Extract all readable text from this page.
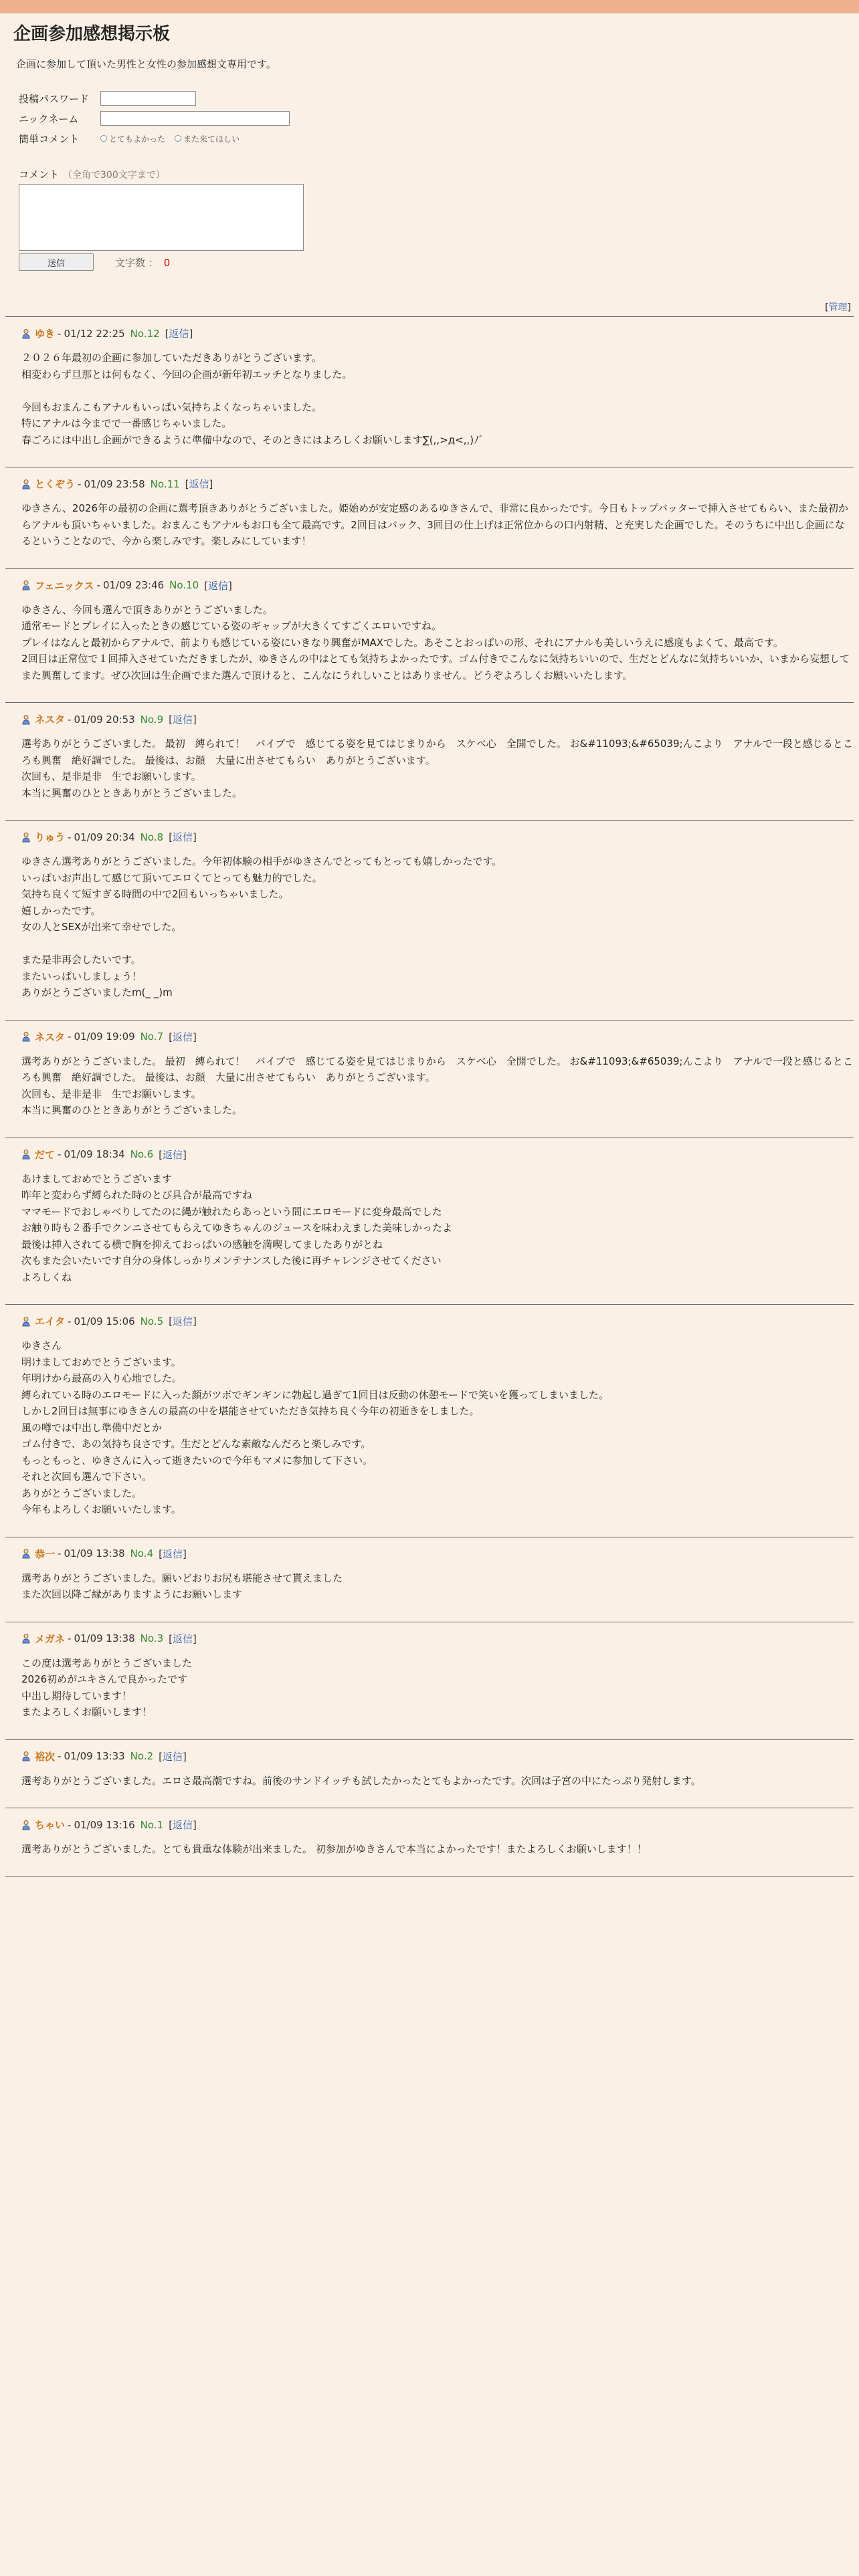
企画参加感想掲示板
企画に参加して頂いた男性と女性の参加感想文専用です。
投稿パスワード
ニックネーム
簡単コメント	とてもよかった また来てほしい
コメント （全角で300文字まで）
送信	文字数 ： 0
[管理]
ゆき - 01/12 22:25 No.12 [返信]
２０２６年最初の企画に参加していただきありがとうございます。
相変わらず旦那とは何もなく、今回の企画が新年初エッチとなりました。

今回もおまんこもアナルもいっぱい気持ちよくなっちゃいました。
特にアナルは今までで一番感じちゃいました。
春ごろには中出し企画ができるように準備中なので、そのときにはよろしくお願いします∑(,,>д<,,)ﾉﾞ
とくぞう - 01/09 23:58 No.11 [返信]
ゆきさん、2026年の最初の企画に選考頂きありがとうございました。姫始めが安定感のあるゆきさんで、非常に良かったです。今日もトップバッターで挿入させてもらい、また最初からアナルも頂いちゃいました。おまんこもアナルもお口も全て最高です。2回目はバック、3回目の仕上げは正常位からの口内射精、と充実した企画でした。そのうちに中出し企画になるということなので、今から楽しみです。楽しみにしています！
フェニックス - 01/09 23:46 No.10 [返信]
ゆきさん、今回も選んで頂きありがとうございました。
通常モードとプレイに入ったときの感じている姿のギャップが大きくてすごくエロいですね。
プレイはなんと最初からアナルで、前よりも感じている姿にいきなり興奮がMAXでした。あそことおっぱいの形、それにアナルも美しいうえに感度もよくて、最高です。
2回目は正常位で１回挿入させていただきましたが、ゆきさんの中はとても気持ちよかったです。ゴム付きでこんなに気持ちいいので、生だとどんなに気持ちいいか、いまから妄想してまた興奮してます。ぜひ次回は生企画でまた選んで頂けると、こんなにうれしいことはありません。どうぞよろしくお願いいたします。
ネスタ - 01/09 20:53 No.9 [返信]
選考ありがとうございました。 最初　縛られて！　バイブで　感じてる姿を見てはじまりから　スケベ心　全開でした。 お&#11093;&#65039;んこより　アナルで一段と感じるところも興奮　絶好調でした。 最後は、お顔　大量に出させてもらい　ありがとうございます。
次回も、是非是非　生でお願いします。
本当に興奮のひとときありがとうございました。
りゅう - 01/09 20:34 No.8 [返信]
ゆきさん選考ありがとうございました。今年初体験の相手がゆきさんでとってもとっても嬉しかったです。
いっぱいお声出して感じて頂いてエロくてとっても魅力的でした。
気持ち良くて短すぎる時間の中で2回もいっちゃいました。
嬉しかったです。
女の人とSEXが出来て幸せでした。

また是非再会したいです。
またいっぱいしましょう！
ありがとうございましたm(_ _)m
ネスタ - 01/09 19:09 No.7 [返信]
選考ありがとうございました。 最初　縛られて！　バイブで　感じてる姿を見てはじまりから　スケベ心　全開でした。 お&#11093;&#65039;んこより　アナルで一段と感じるところも興奮　絶好調でした。 最後は、お顔　大量に出させてもらい　ありがとうございます。
次回も、是非是非　生でお願いします。
本当に興奮のひとときありがとうございました。
だて - 01/09 18:34 No.6 [返信]
あけましておめでとうございます
昨年と変わらず縛られた時のとび具合が最高ですね
ママモードでおしゃべりしてたのに縄が触れたらあっという間にエロモードに変身最高でした
お触り時も２番手でクンニさせてもらえてゆきちゃんのジュースを味わえました美味しかったよ
最後は挿入されてる横で胸を抑えておっぱいの感触を満喫してましたありがとね
次もまた会いたいです自分の身体しっかりメンテナンスした後に再チャレンジさせてください
よろしくね
エイタ - 01/09 15:06 No.5 [返信]
ゆきさん
明けましておめでとうございます。
年明けから最高の入り心地でした。
縛られている時のエロモードに入った顔がツボでギンギンに勃起し過ぎて1回目は反動の休憩モードで笑いを獲ってしまいました。
しかし2回目は無事にゆきさんの最高の中を堪能させていただき気持ち良く今年の初逝きをしました。
風の噂では中出し準備中だとか
ゴム付きで、あの気持ち良さです。生だとどんな素敵なんだろと楽しみです。
もっともっと、ゆきさんに入って逝きたいので今年もマメに参加して下さい。
それと次回も選んで下さい。
ありがとうございました。
今年もよろしくお願いいたします。
恭一 - 01/09 13:38 No.4 [返信]
選考ありがとうございました。願いどおりお尻も堪能させて貰えました
また次回以降ご縁がありますようにお願いします
メガネ - 01/09 13:38 No.3 [返信]
この度は選考ありがとうございました
2026初めがユキさんで良かったです
中出し期待しています！
またよろしくお願いします！
裕次 - 01/09 13:33 No.2 [返信]
選考ありがとうございました。エロさ最高潮ですね。前後のサンドイッチも試したかったとてもよかったです。次回は子宮の中にたっぷり発射します。
ちゃい - 01/09 13:16 No.1 [返信]
選考ありがとうございました。とても貴重な体験が出来ました。 初参加がゆきさんで本当によかったです！またよろしくお願いします！！
